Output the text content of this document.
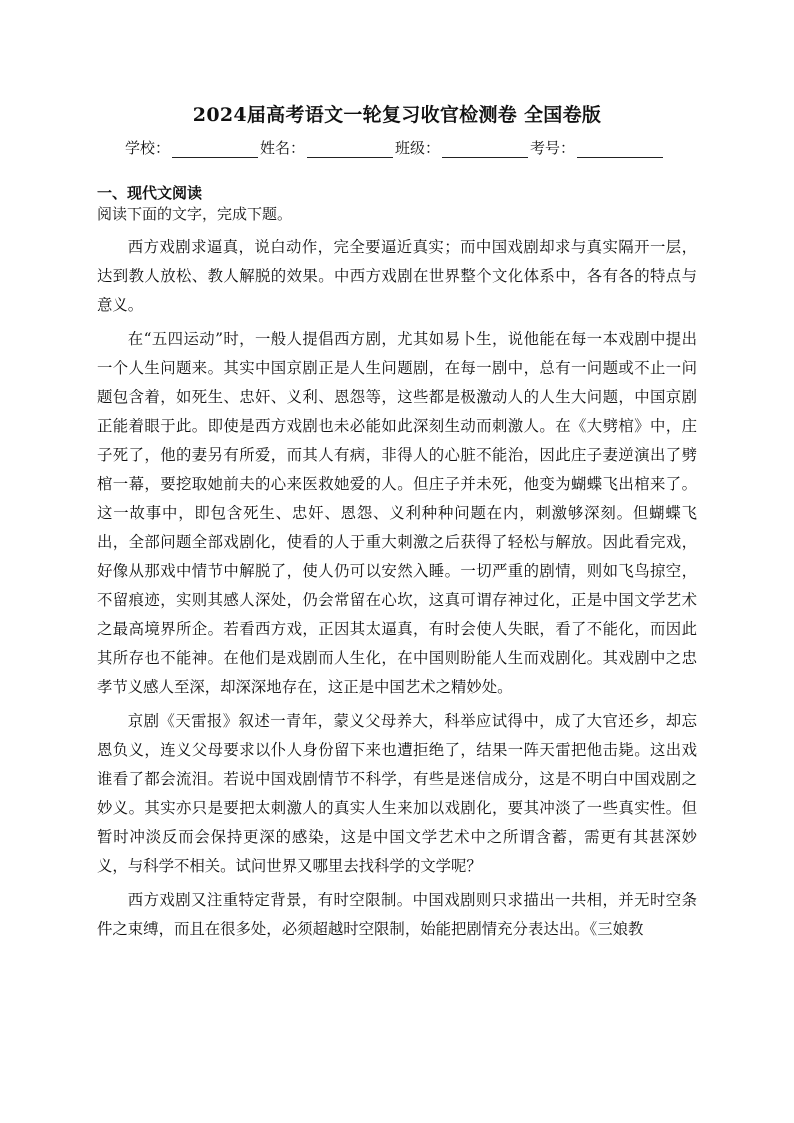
2024届高考语文一轮复习收官检测卷 全国卷版
学校：	姓名：	班级：	考号：
一、现代文阅读
阅读下面的文字，完成下题。

西方戏剧求逼真，说白动作，完全要逼近真实；而中国戏剧却求与真实隔开一层，达到教人放松、教人解脱的效果。中西方戏剧在世界整个文化体系中，各有各的特点与意义。

在“五四运动”时，一般人提倡西方剧，尤其如易卜生，说他能在每一本戏剧中提出一个人生问题来。其实中国京剧正是人生问题剧，在每一剧中，总有一问题或不止一问题包含着，如死生、忠奸、义利、恩怨等，这些都是极激动人的人生大问题，中国京剧正能着眼于此。即使是西方戏剧也未必能如此深刻生动而刺激人。在《大劈棺》中，庄子死了，他的妻另有所爱，而其人有病，非得人的心脏不能治，因此庄子妻逆演出了劈棺一幕，要挖取她前夫的心来医救她爱的人。但庄子并未死，他变为蝴蝶飞出棺来了。这一故事中，即包含死生、忠奸、恩怨、义利种种问题在内，刺激够深刻。但蝴蝶飞出，全部问题全部戏剧化，使看的人于重大刺激之后获得了轻松与解放。因此看完戏，好像从那戏中情节中解脱了，使人仍可以安然入睡。一切严重的剧情，则如飞鸟掠空，不留痕迹，实则其感人深处，仍会常留在心坎，这真可谓存神过化，正是中国文学艺术之最高境界所企。若看西方戏，正因其太逼真，有时会使人失眠，看了不能化，而因此其所存也不能神。在他们是戏剧而人生化，在中国则盼能人生而戏剧化。其戏剧中之忠孝节义感人至深，却深深地存在，这正是中国艺术之精妙处。

京剧《天雷报》叙述一青年，蒙义父母养大，科举应试得中，成了大官还乡，却忘恩负义，连义父母要求以仆人身份留下来也遭拒绝了，结果一阵天雷把他击毙。这出戏谁看了都会流泪。若说中国戏剧情节不科学，有些是迷信成分，这是不明白中国戏剧之妙义。其实亦只是要把太刺激人的真实人生来加以戏剧化，要其冲淡了一些真实性。但暂时冲淡反而会保持更深的感染，这是中国文学艺术中之所谓含蓄，需更有其甚深妙义，与科学不相关。试问世界又哪里去找科学的文学呢？

西方戏剧又注重特定背景，有时空限制。中国戏剧则只求描出一共相，并无时空条件之束缚，而且在很多处，必须超越时空限制，始能把剧情充分表达出。《三娘教
